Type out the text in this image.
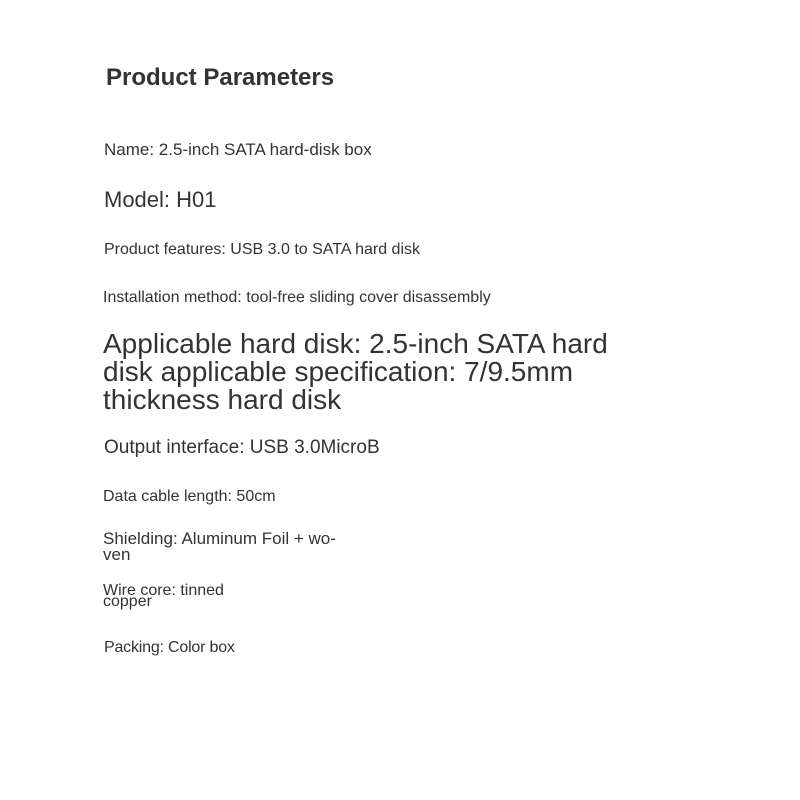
Product Parameters

Name: 2.5-inch SATA hard-disk box

Model: H01

Product features: USB 3.0 to SATA hard disk

Installation method: tool-free sliding cover disassembly

Applicable hard disk: 2.5-inch SATA hard disk applicable specification: 7/9.5mm thickness hard disk

Output interface: USB 3.0MicroB

Data cable length: 50cm

Shielding: Aluminum Foil + wo-ven

Wire core: tinned copper

Packing: Color box
